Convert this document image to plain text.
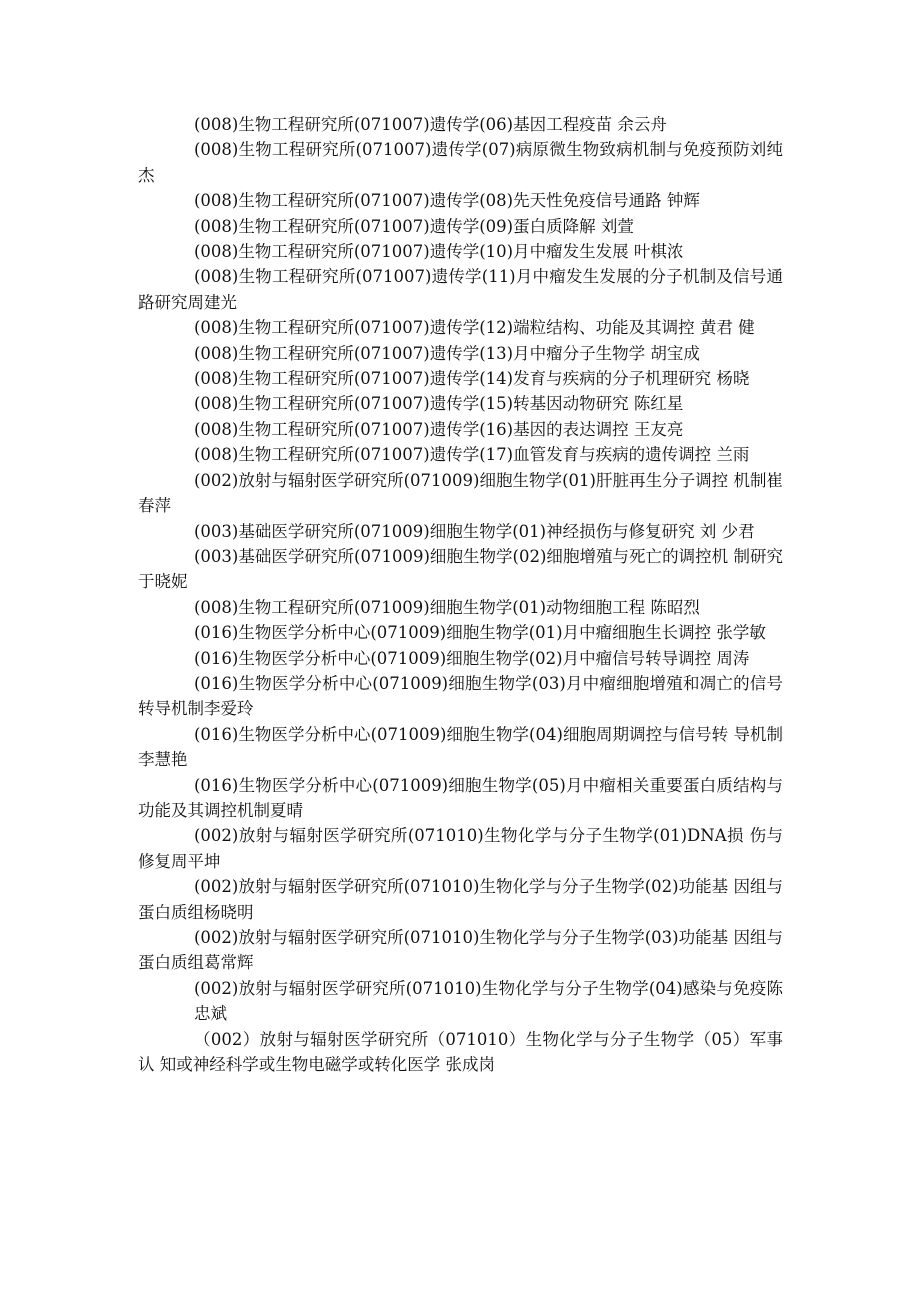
(008)生物工程研究所(071007)遗传学(06)基因工程疫苗 余云舟

(008)生物工程研究所(071007)遗传学(07)病原微生物致病机制与免疫预防刘纯杰

(008)生物工程研究所(071007)遗传学(08)先天性免疫信号通路 钟辉

(008)生物工程研究所(071007)遗传学(09)蛋白质降解 刘萱

(008)生物工程研究所(071007)遗传学(10)月中瘤发生发展 叶棋浓

(008)生物工程研究所(071007)遗传学(11)月中瘤发生发展的分子机制及信号通路研究周建光

(008)生物工程研究所(071007)遗传学(12)端粒结构、功能及其调控 黄君 健

(008)生物工程研究所(071007)遗传学(13)月中瘤分子生物学 胡宝成

(008)生物工程研究所(071007)遗传学(14)发育与疾病的分子机理研究 杨晓

(008)生物工程研究所(071007)遗传学(15)转基因动物研究 陈红星

(008)生物工程研究所(071007)遗传学(16)基因的表达调控 王友亮

(008)生物工程研究所(071007)遗传学(17)血管发育与疾病的遗传调控 兰雨

(002)放射与辐射医学研究所(071009)细胞生物学(01)肝脏再生分子调控 机制崔春萍

(003)基础医学研究所(071009)细胞生物学(01)神经损伤与修复研究 刘 少君

(003)基础医学研究所(071009)细胞生物学(02)细胞增殖与死亡的调控机 制研究于晓妮

(008)生物工程研究所(071009)细胞生物学(01)动物细胞工程 陈昭烈

(016)生物医学分析中心(071009)细胞生物学(01)月中瘤细胞生长调控 张学敏

(016)生物医学分析中心(071009)细胞生物学(02)月中瘤信号转导调控 周涛

(016)生物医学分析中心(071009)细胞生物学(03)月中瘤细胞增殖和凋亡的信号转导机制李爱玲

(016)生物医学分析中心(071009)细胞生物学(04)细胞周期调控与信号转 导机制李慧艳

(016)生物医学分析中心(071009)细胞生物学(05)月中瘤相关重要蛋白质结构与功能及其调控机制夏晴

(002)放射与辐射医学研究所(071010)生物化学与分子生物学(01)DNA损 伤与修复周平坤

(002)放射与辐射医学研究所(071010)生物化学与分子生物学(02)功能基 因组与蛋白质组杨晓明

(002)放射与辐射医学研究所(071010)生物化学与分子生物学(03)功能基 因组与蛋白质组葛常辉

(002)放射与辐射医学研究所(071010)生物化学与分子生物学(04)感染与免疫陈忠斌

（002）放射与辐射医学研究所（071010）生物化学与分子生物学（05）军事认 知或神经科学或生物电磁学或转化医学 张成岗
